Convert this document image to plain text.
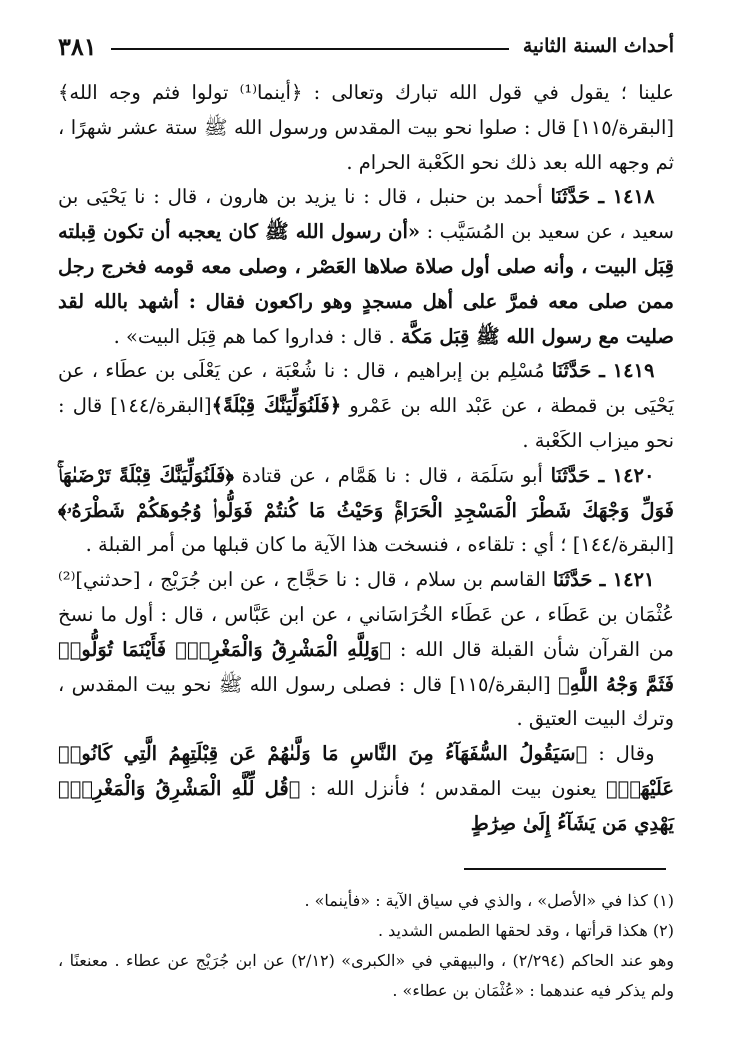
أحداث السنة الثانية
٣٨١

علينا ؛ يقول في قول الله تبارك وتعالى : ﴿أينما⁽¹⁾ تولوا فثم وجه الله﴾ [البقرة/١١٥] قال : صلوا نحو بيت المقدس ورسول الله ﷺ ستة عشر شهرًا ، ثم وجهه الله بعد ذلك نحو الكَعْبة الحرام .

 ١٤١٨ ـ حَدَّثَنَا أحمد بن حنبل ، قال : نا يزيد بن هارون ، قال : نا يَحْيَى بن سعيد ، عن سعيد بن المُسَيَّب : «أن رسول الله ﷺ كان يعجبه أن تكون قِبلته قِبَل البيت ، وأنه صلى أول صلاة صلاها العَصْر ، وصلى معه قومه فخرج رجل ممن صلى معه فمرَّ على أهل مسجدٍ وهو راكعون فقال : أشهد بالله لقد صليت مع رسول الله ﷺ قِبَل مَكَّة . قال : فداروا كما هم قِبَل البيت» .

 ١٤١٩ ـ حَدَّثَنَا مُسْلِم بن إبراهيم ، قال : نا شُعْبَة ، عن يَعْلَى بن عطَاء ، عن يَحْيَى بن قمطة ، عن عَبْد الله بن عَمْرو ﴿فَلَنُوَلِّيَنَّكَ قِبْلَةً﴾[البقرة/١٤٤] قال : نحو ميزاب الكَعْبة .

 ١٤٢٠ ـ حَدَّثَنَا أبو سَلَمَة ، قال : نا هَمَّام ، عن قتادة ﴿فَلَنُوَلِّيَنَّكَ قِبْلَةً تَرْضَىٰهَاۚ فَوَلِّ وَجْهَكَ شَطْرَ الْمَسْجِدِ الْحَرَامِۚ وَحَيْثُ مَا كُنتُمْ فَوَلُّوا۟ وُجُوهَكُمْ شَطْرَهُۥ﴾ [البقرة/١٤٤] ؛ أي : تلقاءه ، فنسخت هذا الآية ما كان قبلها من أمر القبلة .

 ١٤٢١ ـ حَدَّثَنَا القاسم بن سلام ، قال : نا حَجَّاج ، عن ابن جُرَيْج ، [حدثني]⁽²⁾ عُثْمَان بن عَطَاء ، عن عَطَاء الخُرَاسَاني ، عن ابن عَبَّاس ، قال : أول ما نسخ من القرآن شأن القبلة قال الله : ﴿وَلِلَّهِ الْمَشْرِقُ وَالْمَغْرِبُۚ فَأَيْنَمَا تُوَلُّوا۟ فَثَمَّ وَجْهُ اللَّهِ﴾ [البقرة/١١٥] قال : فصلى رسول الله ﷺ نحو بيت المقدس ، وترك البيت العتيق .

 وقال : ﴿سَيَقُولُ السُّفَهَآءُ مِنَ النَّاسِ مَا وَلَّىٰهُمْ عَن قِبْلَتِهِمُ الَّتِي كَانُوا۟ عَلَيْهَاۚ﴾ يعنون بيت المقدس ؛ فأنزل الله : ﴿قُل لِّلَّهِ الْمَشْرِقُ وَالْمَغْرِبُۚ يَهْدِي مَن يَشَآءُ إِلَىٰ صِرَٰطٍ

(١) كذا في «الأصل» ، والذي في سياق الآية : «فأينما» .

(٢) هكذا قرأتها ، وقد لحقها الطمس الشديد .

وهو عند الحاكم (٢/٢٩٤) ، والبيهقي في «الكبرى» (٢/١٢) عن ابن جُرَيْج عن عطاء . معنعنًا ، ولم يذكر فيه عندهما : «عُثْمَان بن عطاء» .
